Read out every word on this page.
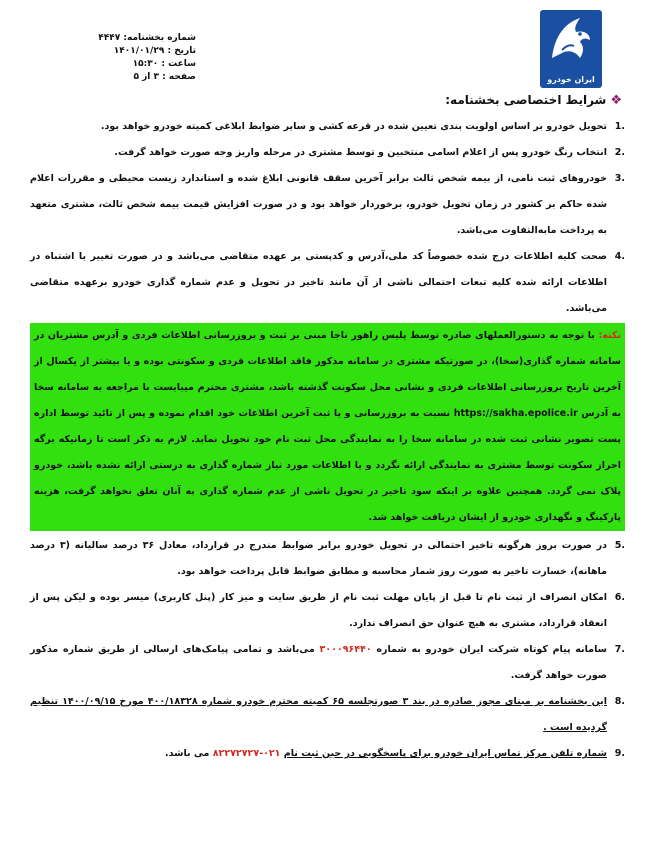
شماره بخشنامه: ۴۴۴۷
تاریخ : ۱۴۰۱/۰۱/۲۹
ساعت : ۱۵:۳۰
صفحه : ۳ از ۵	ایران خودرو
❖شرایط اختصاصی بخشنامه:

.1
تحویل خودرو بر اساس اولویت بندی تعیین شده در قرعه کشی و سایر ضوابط ابلاغی کمیته خودرو خواهد بود.

.2
انتخاب رنگ خودرو پس از اعلام اسامی منتخبین و توسط مشتری در مرحله واریز وجه صورت خواهد گرفت.

.3
خودروهای ثبت نامی، از بیمه شخص ثالث برابر آخرین سقف قانونی ابلاغ شده و استاندارد زیست محیطی و مقررات اعلام شده حاکم بر کشور در زمان تحویل خودرو، برخوردار خواهد بود و در صورت افزایش قیمت بیمه شخص ثالث، مشتری متعهد به پرداخت مابه‌التفاوت می‌باشد.

.4
صحت کلیه اطلاعات درج شده خصوصاً کد ملی،آدرس و کدپستی بر عهده متقاضی می‌باشد و در صورت تغییر یا اشتباه در اطلاعات ارائه شده کلیه تبعات احتمالی ناشی از آن مانند تاخیر در تحویل و عدم شماره گذاری خودرو برعهده متقاضی می‌باشد.

نکته: با توجه به دستورالعملهای صادره توسط پلیس راهور ناجا مبنی بر ثبت و بروزرسانی اطلاعات فردی و آدرس مشتریان در سامانه شماره گذاری(سخا)، در صورتیکه مشتری در سامانه مذکور فاقد اطلاعات فردی و سکونتی بوده و یا بیشتر از یکسال از آخرین تاریخ بروزرسانی اطلاعات فردی و نشانی محل سکونت گذشته باشد، مشتری محترم میبایست با مراجعه به سامانه سخا به آدرس https://sakha.epolice.ir نسبت به بروزرسانی و یا ثبت آخرین اطلاعات خود اقدام نموده و پس از تائید توسط اداره پست تصویر نشانی ثبت شده در سامانه سخا را به نمایندگی محل ثبت نام خود تحویل نماید. لازم به ذکر است تا زمانیکه برگه احراز سکونت توسط مشتری به نمایندگی ارائه نگردد و یا اطلاعات مورد نیاز شماره گذاری به درستی ارائه نشده باشد، خودرو پلاک نمی گردد. همچنین علاوه بر اینکه سود تاخیر در تحویل ناشی از عدم شماره گذاری به آنان تعلق نخواهد گرفت، هزینه پارکینگ و نگهداری خودرو از ایشان دریافت خواهد شد.

.5
در صورت بروز هرگونه تاخیر احتمالی در تحویل خودرو برابر ضوابط مندرج در قرارداد، معادل ۳۶ درصد سالیانه (۳ درصد ماهانه)، خسارت تاخیر به صورت روز شمار محاسبه و مطابق ضوابط قابل پرداخت خواهد بود.

.6
امکان انصراف از ثبت نام تا قبل از پایان مهلت ثبت نام از طریق سایت و میز کار (پنل کاربری) میسر بوده و لیکن پس از انعقاد قرارداد، مشتری به هیچ عنوان حق انصراف ندارد.

.7
سامانه پیام کوتاه شرکت ایران خودرو به شماره ۳۰۰۰۹۶۴۴۰ می‌باشد و تمامی پیامک‌های ارسالی از طریق شماره مذکور صورت خواهد گرفت.

.8
این بخشنامه بر مبنای مجوز صادره در بند ۳ صورتجلسه ۶۵ کمیته محترم خودرو شماره ۴۰۰/۱۸۳۲۸ مورخ ۱۴۰۰/۰۹/۱۵ تنظیم گردیده است .

.9
شماره تلفن مرکز تماس ایران خودرو برای پاسخگویی در حین ثبت نام ۰۲۱-۸۲۲۷۲۷۲۷ می باشد.
